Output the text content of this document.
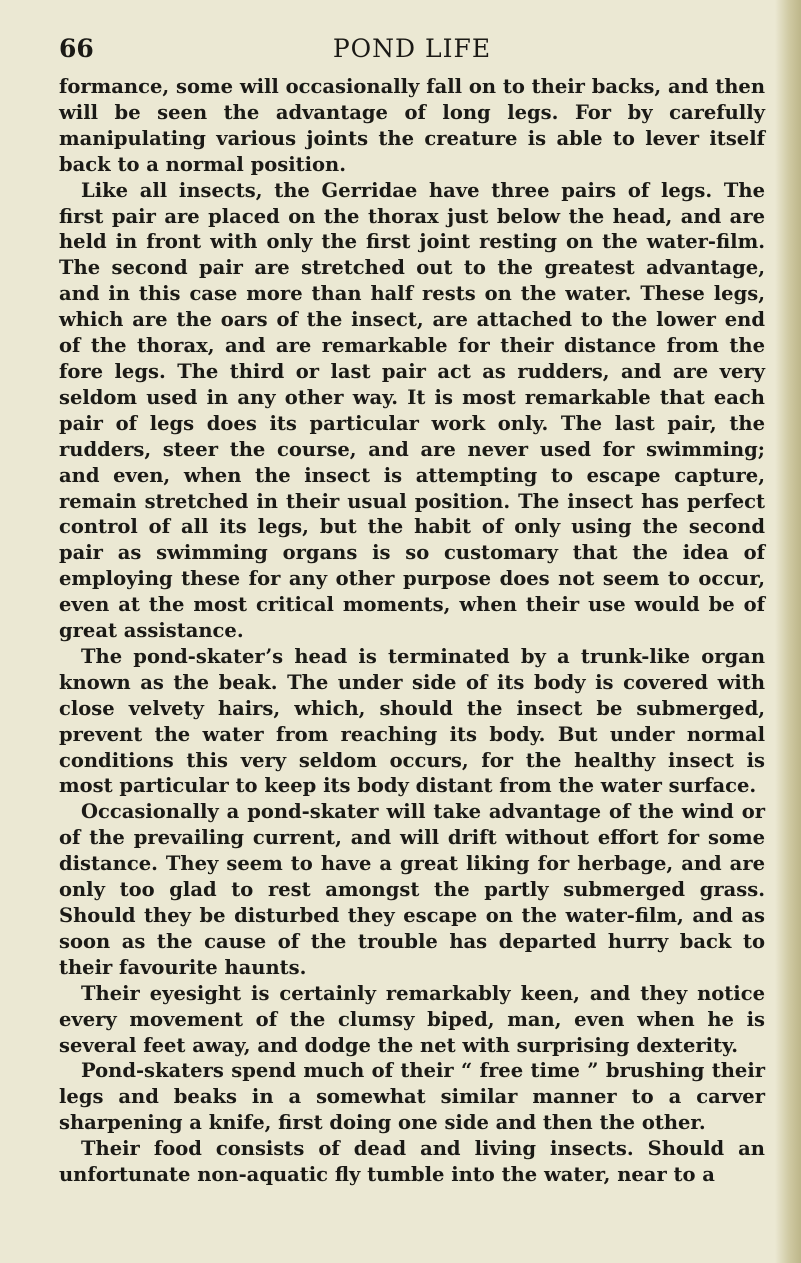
66	POND LIFE

formance, some will occasionally fall on to their backs, and then will be seen the advantage of long legs. For by carefully manipulating various joints the creature is able to lever itself back to a normal position.

Like all insects, the Gerridae have three pairs of legs. The first pair are placed on the thorax just below the head, and are held in front with only the first joint resting on the water-film. The second pair are stretched out to the greatest advantage, and in this case more than half rests on the water. These legs, which are the oars of the insect, are attached to the lower end of the thorax, and are remarkable for their distance from the fore legs. The third or last pair act as rudders, and are very seldom used in any other way. It is most remarkable that each pair of legs does its particular work only. The last pair, the rudders, steer the course, and are never used for swimming; and even, when the insect is attempting to escape capture, remain stretched in their usual position. The insect has perfect control of all its legs, but the habit of only using the second pair as swimming organs is so customary that the idea of employing these for any other purpose does not seem to occur, even at the most critical moments, when their use would be of great assistance.

The pond-skater’s head is terminated by a trunk-like organ known as the beak. The under side of its body is covered with close velvety hairs, which, should the insect be submerged, prevent the water from reaching its body. But under normal conditions this very seldom occurs, for the healthy insect is most particular to keep its body distant from the water surface.

Occasionally a pond-skater will take advantage of the wind or of the prevailing current, and will drift without effort for some distance. They seem to have a great liking for herbage, and are only too glad to rest amongst the partly submerged grass. Should they be disturbed they escape on the water-film, and as soon as the cause of the trouble has departed hurry back to their favourite haunts.

Their eyesight is certainly remarkably keen, and they notice every movement of the clumsy biped, man, even when he is several feet away, and dodge the net with surprising dexterity.

Pond-skaters spend much of their “ free time ” brushing their legs and beaks in a somewhat similar manner to a carver sharpening a knife, first doing one side and then the other.

Their food consists of dead and living insects. Should an unfortunate non-aquatic fly tumble into the water, near to a
